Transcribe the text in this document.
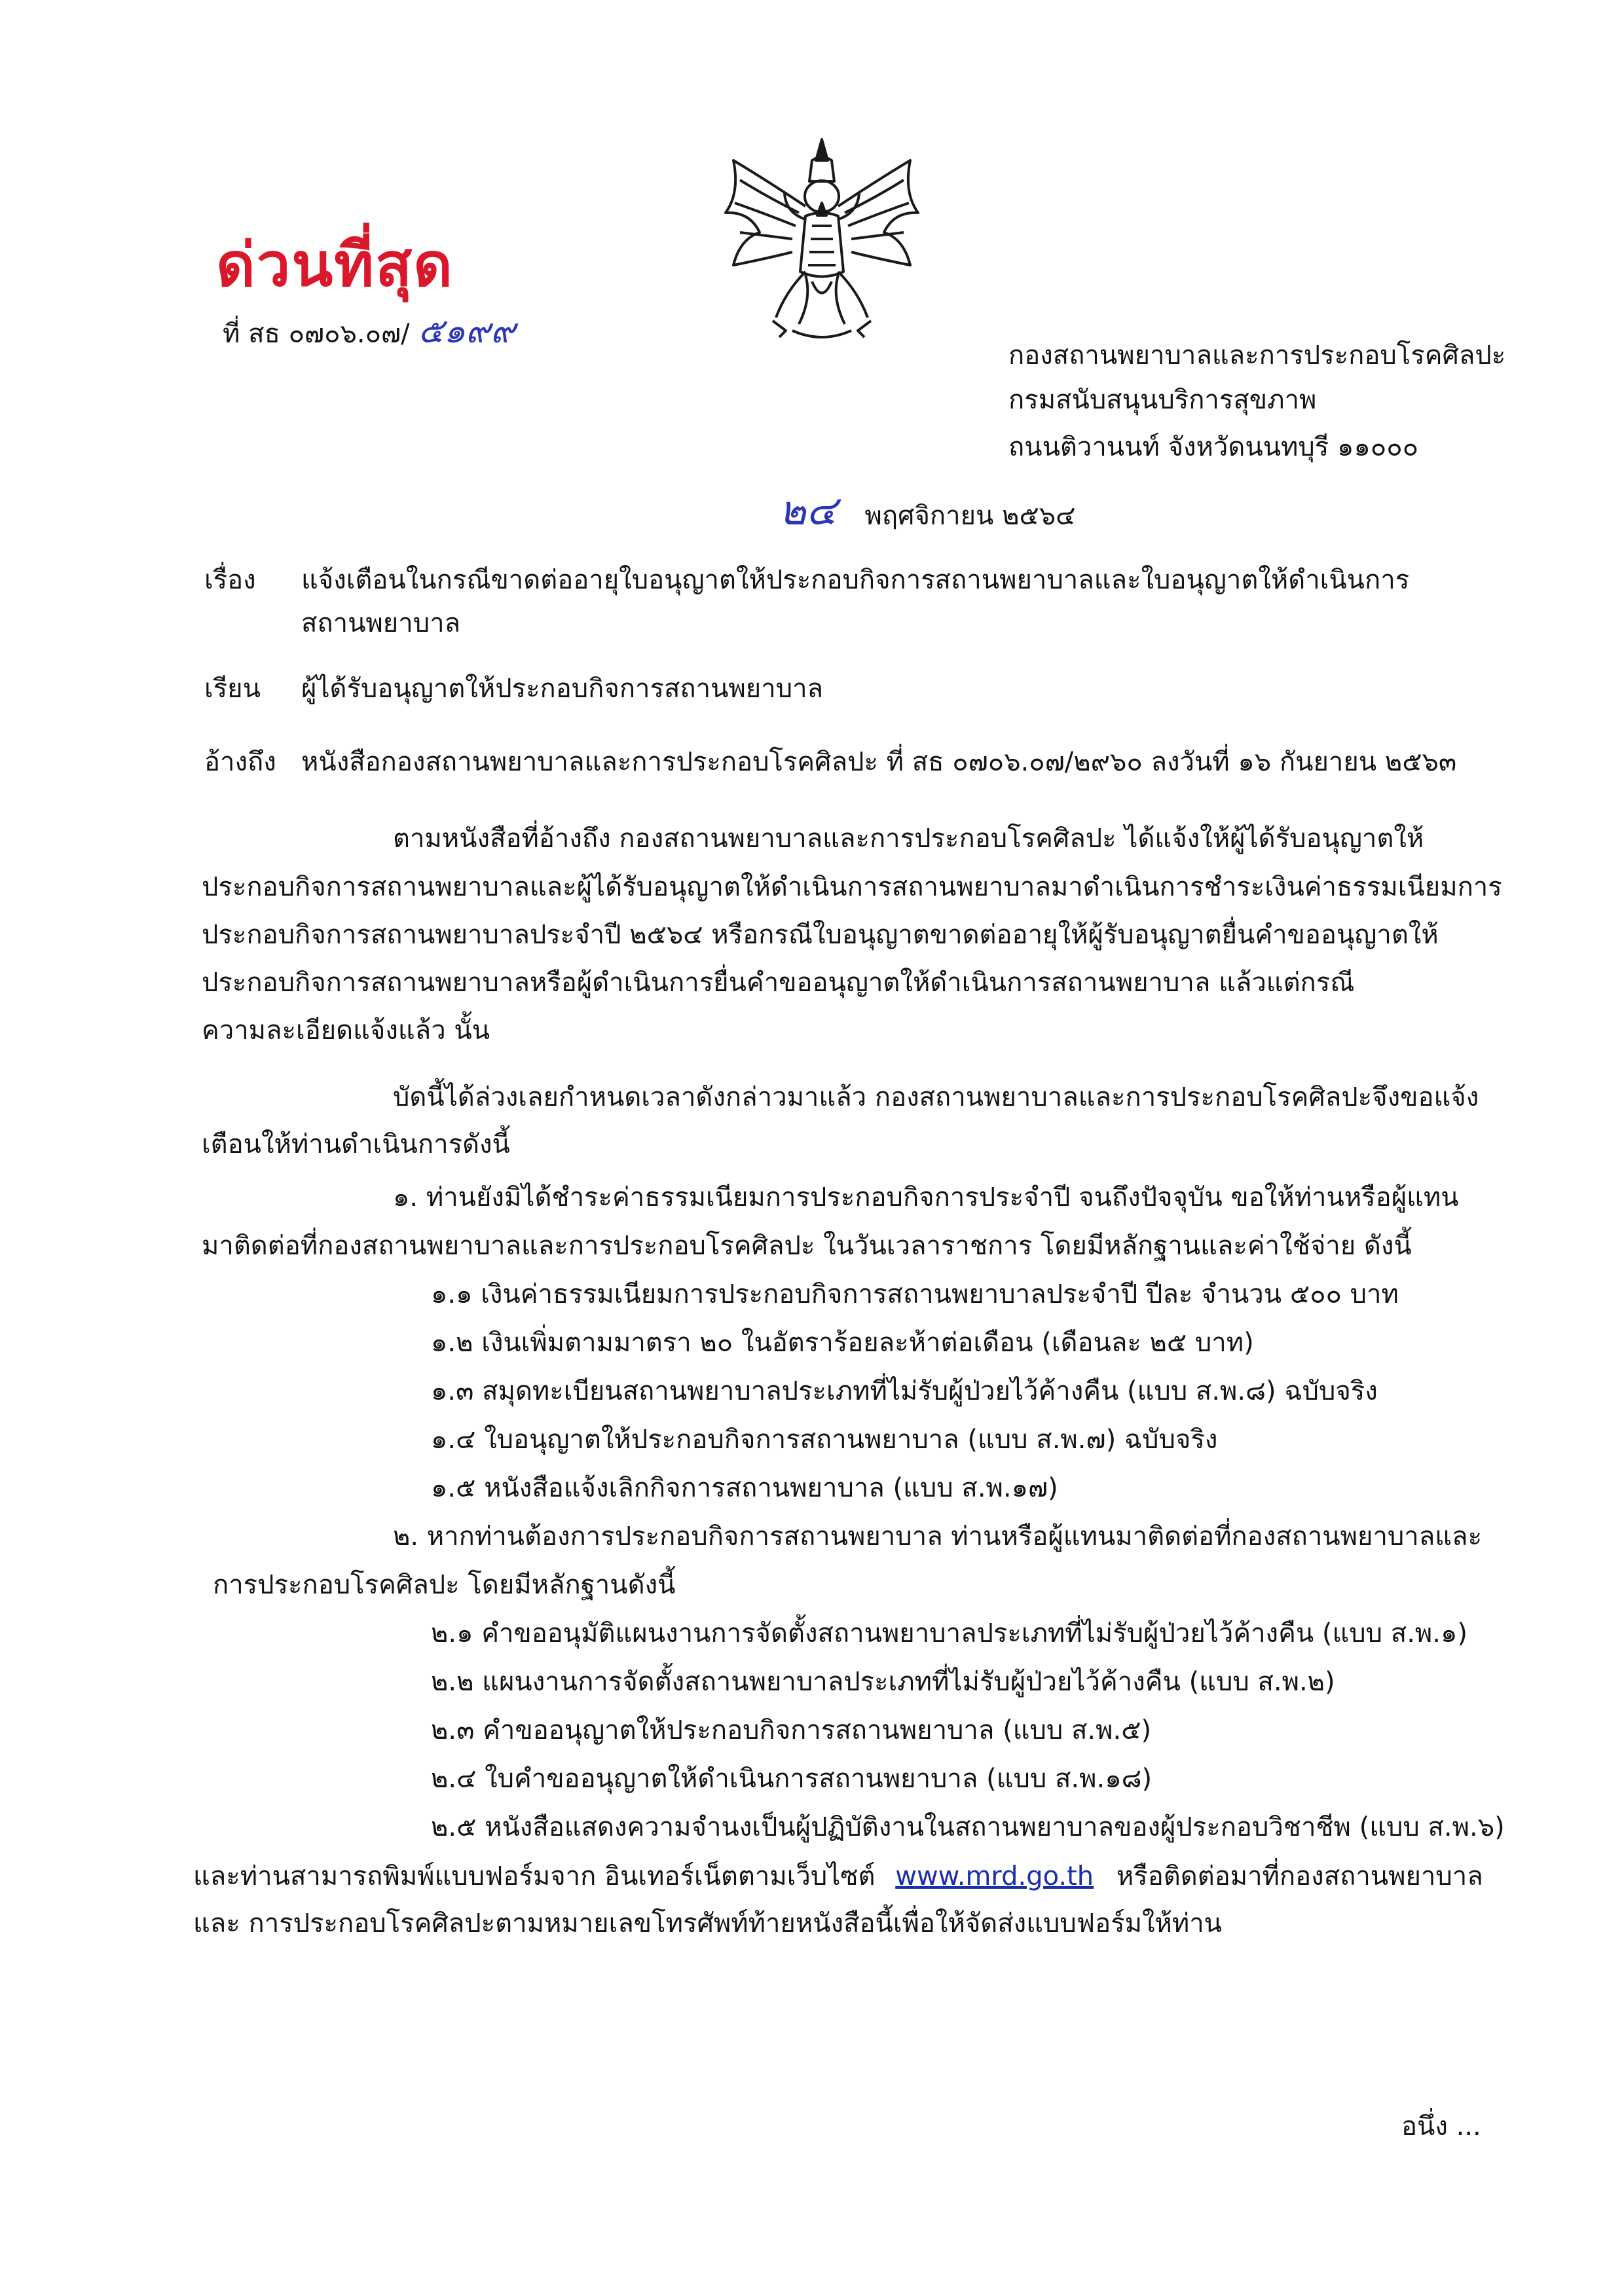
ด่วนที่สุด
ที่ สธ ๐๗๐๖.๐๗/ ๕๑๙๙
กองสถานพยาบาลและการประกอบโรคศิลปะ
กรมสนับสนุนบริการสุขภาพ
ถนนติวานนท์ จังหวัดนนทบุรี ๑๑๐๐๐
๒๔ พฤศจิกายน ๒๕๖๔
เรื่อง แจ้งเตือนในกรณีขาดต่ออายุใบอนุญาตให้ประกอบกิจการสถานพยาบาลและใบอนุญาตให้ดำเนินการ
สถานพยาบาล
เรียน ผู้ได้รับอนุญาตให้ประกอบกิจการสถานพยาบาล
อ้างถึง หนังสือกองสถานพยาบาลและการประกอบโรคศิลปะ ที่ สธ ๐๗๐๖.๐๗/๒๙๖๐ ลงวันที่ ๑๖ กันยายน ๒๕๖๓
ตามหนังสือที่อ้างถึง กองสถานพยาบาลและการประกอบโรคศิลปะ ได้แจ้งให้ผู้ได้รับอนุญาตให้
ประกอบกิจการสถานพยาบาลและผู้ได้รับอนุญาตให้ดำเนินการสถานพยาบาลมาดำเนินการชำระเงินค่าธรรมเนียมการ
ประกอบกิจการสถานพยาบาลประจำปี ๒๕๖๔ หรือกรณีใบอนุญาตขาดต่ออายุให้ผู้รับอนุญาตยื่นคำขออนุญาตให้
ประกอบกิจการสถานพยาบาลหรือผู้ดำเนินการยื่นคำขออนุญาตให้ดำเนินการสถานพยาบาล แล้วแต่กรณี
ความละเอียดแจ้งแล้ว นั้น
บัดนี้ได้ล่วงเลยกำหนดเวลาดังกล่าวมาแล้ว กองสถานพยาบาลและการประกอบโรคศิลปะจึงขอแจ้ง
เตือนให้ท่านดำเนินการดังนี้
๑. ท่านยังมิได้ชำระค่าธรรมเนียมการประกอบกิจการประจำปี จนถึงปัจจุบัน ขอให้ท่านหรือผู้แทน
มาติดต่อที่กองสถานพยาบาลและการประกอบโรคศิลปะ ในวันเวลาราชการ โดยมีหลักฐานและค่าใช้จ่าย ดังนี้
๑.๑ เงินค่าธรรมเนียมการประกอบกิจการสถานพยาบาลประจำปี ปีละ จำนวน ๕๐๐ บาท
๑.๒ เงินเพิ่มตามมาตรา ๒๐ ในอัตราร้อยละห้าต่อเดือน (เดือนละ ๒๕ บาท)
๑.๓ สมุดทะเบียนสถานพยาบาลประเภทที่ไม่รับผู้ป่วยไว้ค้างคืน (แบบ ส.พ.๘) ฉบับจริง
๑.๔ ใบอนุญาตให้ประกอบกิจการสถานพยาบาล (แบบ ส.พ.๗) ฉบับจริง
๑.๕ หนังสือแจ้งเลิกกิจการสถานพยาบาล (แบบ ส.พ.๑๗)
๒. หากท่านต้องการประกอบกิจการสถานพยาบาล ท่านหรือผู้แทนมาติดต่อที่กองสถานพยาบาลและ
การประกอบโรคศิลปะ โดยมีหลักฐานดังนี้
๒.๑ คำขออนุมัติแผนงานการจัดตั้งสถานพยาบาลประเภทที่ไม่รับผู้ป่วยไว้ค้างคืน (แบบ ส.พ.๑)
๒.๒ แผนงานการจัดตั้งสถานพยาบาลประเภทที่ไม่รับผู้ป่วยไว้ค้างคืน (แบบ ส.พ.๒)
๒.๓ คำขออนุญาตให้ประกอบกิจการสถานพยาบาล (แบบ ส.พ.๕)
๒.๔ ใบคำขออนุญาตให้ดำเนินการสถานพยาบาล (แบบ ส.พ.๑๘)
๒.๕ หนังสือแสดงความจำนงเป็นผู้ปฏิบัติงานในสถานพยาบาลของผู้ประกอบวิชาชีพ (แบบ ส.พ.๖)
และท่านสามารถพิมพ์แบบฟอร์มจาก อินเทอร์เน็ตตามเว็บไซต์ www.mrd.go.th หรือติดต่อมาที่กองสถานพยาบาล
และ การประกอบโรคศิลปะตามหมายเลขโทรศัพท์ท้ายหนังสือนี้เพื่อให้จัดส่งแบบฟอร์มให้ท่าน
อนึ่ง ...
